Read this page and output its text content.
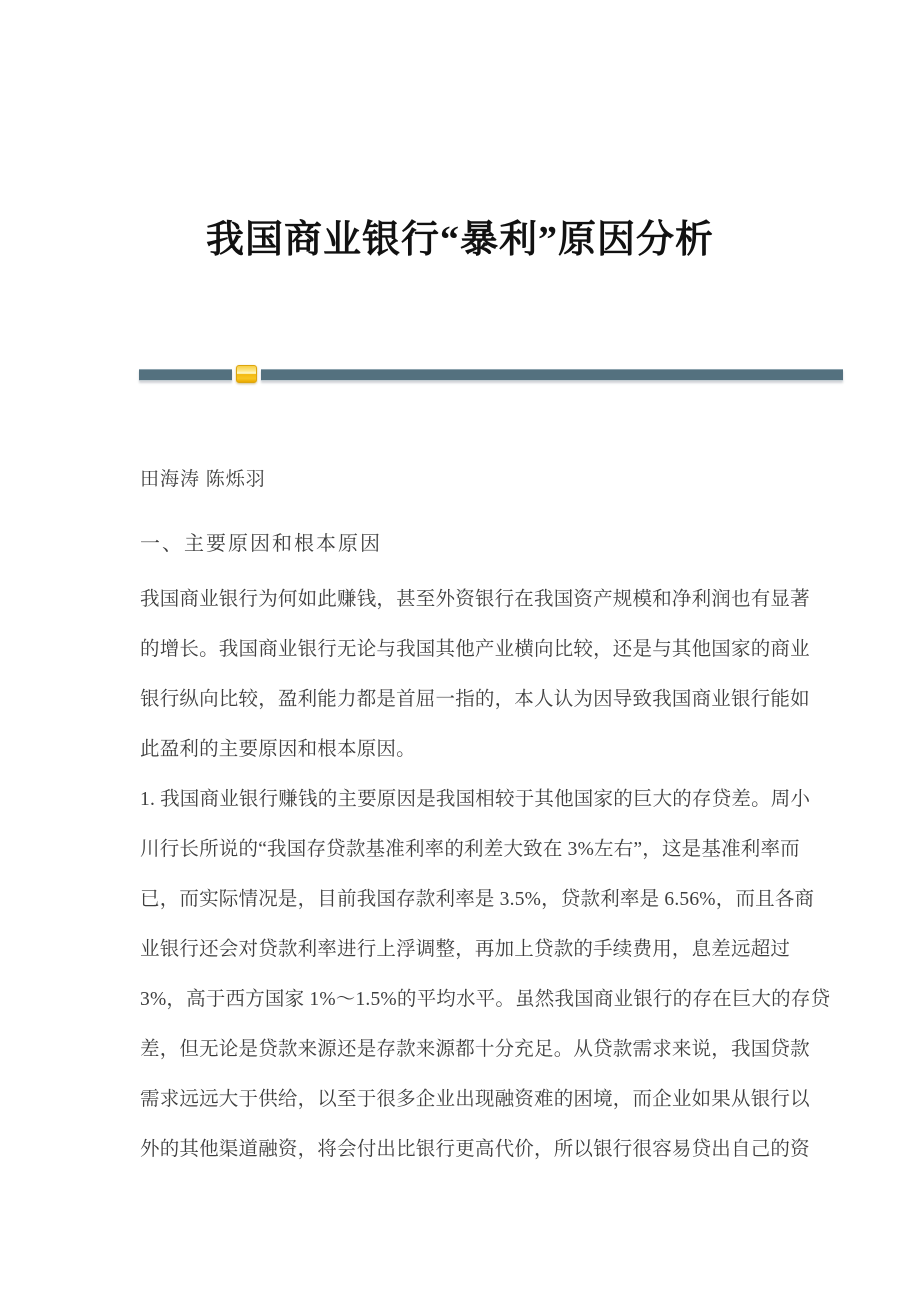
我国商业银行“暴利”原因分析
田海涛 陈烁羽
一、主要原因和根本原因
我国商业银行为何如此赚钱，甚至外资银行在我国资产规模和净利润也有显著
的增长。我国商业银行无论与我国其他产业横向比较，还是与其他国家的商业
银行纵向比较，盈利能力都是首屈一指的，本人认为因导致我国商业银行能如
此盈利的主要原因和根本原因。
1. 我国商业银行赚钱的主要原因是我国相较于其他国家的巨大的存贷差。周小
川行长所说的“我国存贷款基准利率的利差大致在 3%左右”，这是基准利率而
已，而实际情况是，目前我国存款利率是 3.5%，贷款利率是 6.56%，而且各商
业银行还会对贷款利率进行上浮调整，再加上贷款的手续费用，息差远超过
3%，高于西方国家 1%～1.5%的平均水平。虽然我国商业银行的存在巨大的存贷
差，但无论是贷款来源还是存款来源都十分充足。从贷款需求来说，我国贷款
需求远远大于供给，以至于很多企业出现融资难的困境，而企业如果从银行以
外的其他渠道融资，将会付出比银行更高代价，所以银行很容易贷出自己的资
